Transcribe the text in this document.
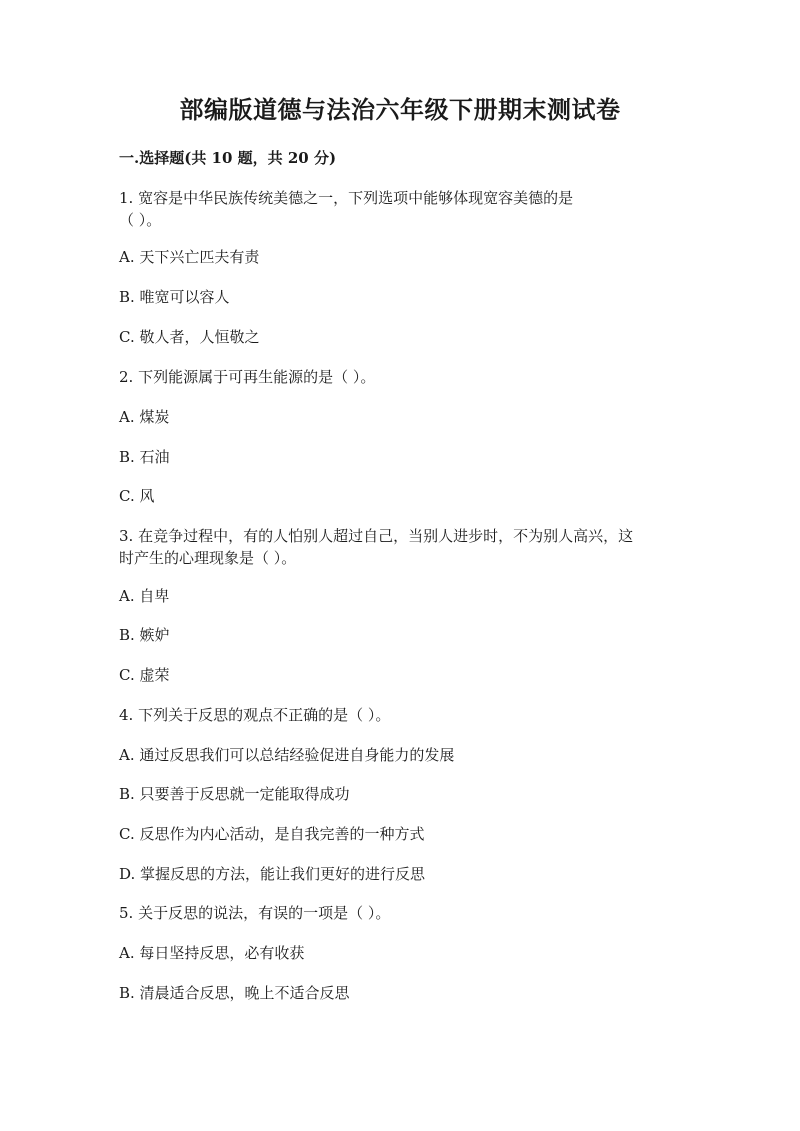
部编版道德与法治六年级下册期末测试卷
一.选择题(共 10 题，共 20 分)
1. 宽容是中华民族传统美德之一，下列选项中能够体现宽容美德的是
（ ）。
A. 天下兴亡匹夫有责
B. 唯宽可以容人
C. 敬人者，人恒敬之
2. 下列能源属于可再生能源的是（ ）。
A. 煤炭
B. 石油
C. 风
3. 在竞争过程中，有的人怕别人超过自己，当别人进步时，不为别人高兴，这
时产生的心理现象是（ ）。
A. 自卑
B. 嫉妒
C. 虚荣
4. 下列关于反思的观点不正确的是（ ）。
A. 通过反思我们可以总结经验促进自身能力的发展
B. 只要善于反思就一定能取得成功
C. 反思作为内心活动，是自我完善的一种方式
D. 掌握反思的方法，能让我们更好的进行反思
5. 关于反思的说法，有误的一项是（ ）。
A. 每日坚持反思，必有收获
B. 清晨适合反思，晚上不适合反思
